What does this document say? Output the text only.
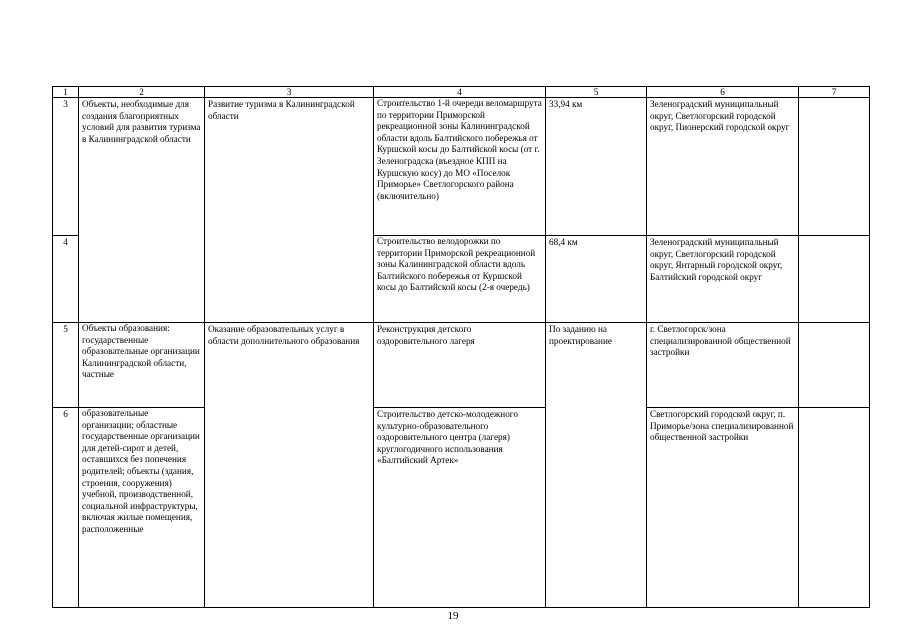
1	2	3	4	5	6	7
3	Объекты, необходимые для создания благоприятных условий для развития туризма в Калининградской области	Развитие туризма в Калининградской области	Строительство 1-й очереди веломаршрута по территории Приморской рекреационной зоны Калининградской области вдоль Балтийского побережья от Куршской косы до Балтийской косы (от г. Зеленоградска (въездное КПП на Куршскую косу) до МО «Поселок Приморье» Светлогорского района (включительно)	33,94 км	Зеленоградский муниципальный округ, Светлогорский городской округ, Пионерский городской округ	
4			Строительство велодорожки по территории Приморской рекреационной зоны Калининградской области вдоль Балтийского побережья от Куршской косы до Балтийской косы (2-я очередь)	68,4 км	Зеленоградский муниципальный округ, Светлогорский городской округ, Янтарный городской округ, Балтийский городской округ	
5	Объекты образования: государственные образовательные организации Калининградской области, частные	Оказание образовательных услуг в области дополнительного образования	Реконструкция детского оздоровительного лагеря	По заданию на проектирование	г. Светлогорск/зона специализированной общественной застройки	
6	образовательные организации; областные государственные организации для детей-сирот и детей, оставшихся без попечения родителей; объекты (здания, строения, сооружения) учебной, производственной, социальной инфраструктуры, включая жилые помещения, расположенные		Строительство детско-молодежного культурно-образовательного оздоровительного центра (лагеря) круглогодичного использования «Балтийский Артек»		Светлогорский городской округ, п. Приморье/зона специализированной общественной застройки	
19
